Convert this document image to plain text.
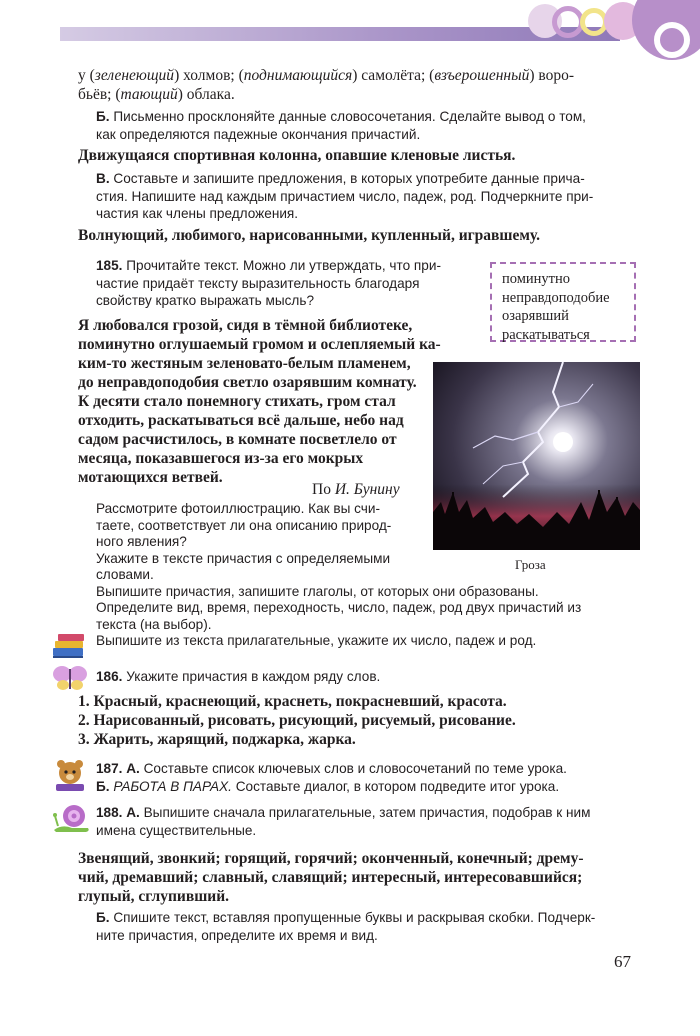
у (зеленеющий) холмов; (поднимающийся) самолёта; (взъерошенный) воро-
бьёв; (тающий) облака.
Б. Письменно просклоняйте данные словосочетания. Сделайте вывод о том,
как определяются падежные окончания причастий.
Движущаяся спортивная колонна, опавшие кленовые листья.
В. Составьте и запишите предложения, в которых употребите данные прича-
стия. Напишите над каждым причастием число, падеж, род. Подчеркните при-
частия как члены предложения.
Волнующий, любимого, нарисованными, купленный, игравшему.
185. Прочитайте текст. Можно ли утверждать, что при-
частие придаёт тексту выразительность благодаря
свойству кратко выражать мысль?
поминутно
неправдоподобие
озарявший
раскатываться
Я любовался грозой, сидя в тёмной библиотеке,
поминутно оглушаемый громом и ослепляемый ка-
ким-то жестяным зеленовато-белым пламенем,
до неправдоподобия светло озарявшим комнату.
К десяти стало понемногу стихать, гром стал
отходить, раскатываться всё дальше, небо над
садом расчистилось, в комнате посветлело от
месяца, показавшегося из-за его мокрых
мотающихся ветвей.
По И. Бунину
Гроза
Рассмотрите фотоиллюстрацию. Как вы счи-
таете, соответствует ли она описанию природ-
ного явления?
Укажите в тексте причастия с определяемыми
словами.
Выпишите причастия, запишите глаголы, от которых они образованы.
Определите вид, время, переходность, число, падеж, род двух причастий из
текста (на выбор).
Выпишите из текста прилагательные, укажите их число, падеж и род.
186. Укажите причастия в каждом ряду слов.
1. Красный, краснеющий, краснеть, покрасневший, красота.
2. Нарисованный, рисовать, рисующий, рисуемый, рисование.
3. Жарить, жарящий, поджарка, жарка.
187. А. Составьте список ключевых слов и словосочетаний по теме урока.
Б. РАБОТА В ПАРАХ. Составьте диалог, в котором подведите итог урока.
188. А. Выпишите сначала прилагательные, затем причастия, подобрав к ним
имена существительные.
Звенящий, звонкий; горящий, горячий; оконченный, конечный; дрему-
чий, дремавший; славный, славящий; интересный, интересовавшийся;
глупый, сглупивший.
Б. Спишите текст, вставляя пропущенные буквы и раскрывая скобки. Подчерк-
ните причастия, определите их время и вид.
67
